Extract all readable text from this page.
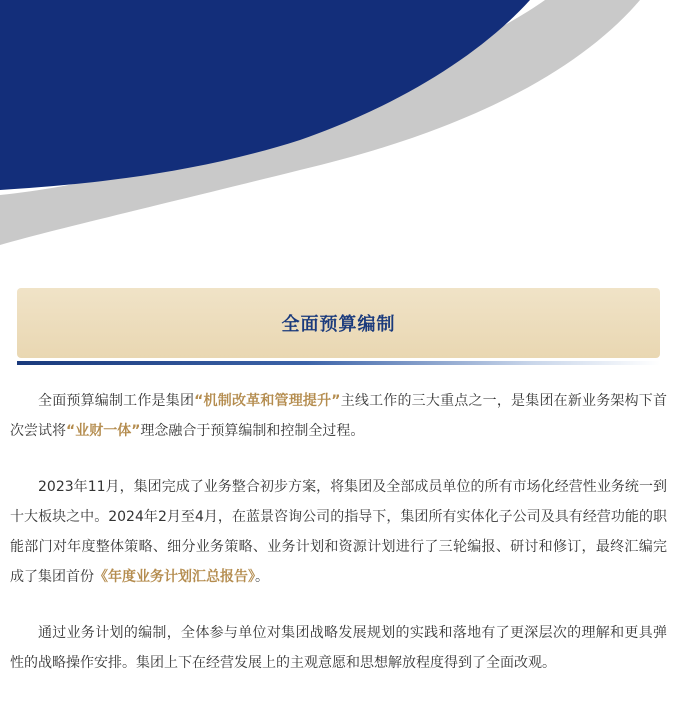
全面预算编制

全面预算编制工作是集团“机制改革和管理提升”主线工作的三大重点之一，是集团在新业务架构下首次尝试将“业财一体”理念融合于预算编制和控制全过程。

2023年11月，集团完成了业务整合初步方案，将集团及全部成员单位的所有市场化经营性业务统一到十大板块之中。2024年2月至4月，在蓝景咨询公司的指导下，集团所有实体化子公司及具有经营功能的职能部门对年度整体策略、细分业务策略、业务计划和资源计划进行了三轮编报、研讨和修订，最终汇编完成了集团首份《年度业务计划汇总报告》。

通过业务计划的编制，全体参与单位对集团战略发展规划的实践和落地有了更深层次的理解和更具弹性的战略操作安排。集团上下在经营发展上的主观意愿和思想解放程度得到了全面改观。
